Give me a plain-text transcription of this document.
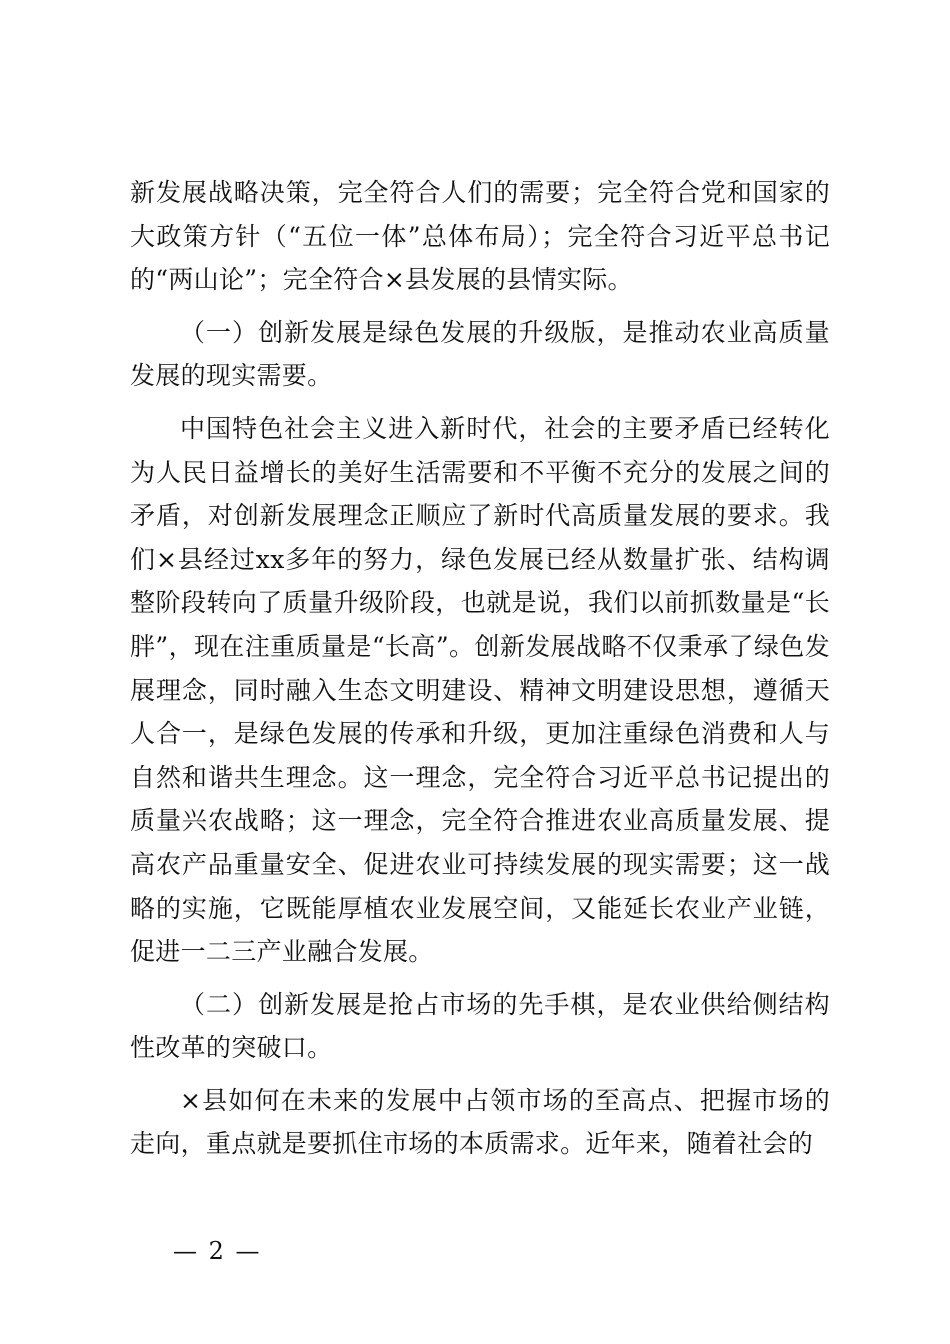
新发展战略决策，完全符合人们的需要；完全符合党和国家的大政策方针（“五位一体”总体布局）；完全符合习近平总书记的“两山论”；完全符合×县发展的县情实际。

（一）创新发展是绿色发展的升级版，是推动农业高质量发展的现实需要。

中国特色社会主义进入新时代，社会的主要矛盾已经转化为人民日益增长的美好生活需要和不平衡不充分的发展之间的矛盾，对创新发展理念正顺应了新时代高质量发展的要求。我们×县经过xx多年的努力，绿色发展已经从数量扩张、结构调整阶段转向了质量升级阶段，也就是说，我们以前抓数量是“长胖”，现在注重质量是“长高”。创新发展战略不仅秉承了绿色发展理念，同时融入生态文明建设、精神文明建设思想，遵循天人合一，是绿色发展的传承和升级，更加注重绿色消费和人与自然和谐共生理念。这一理念，完全符合习近平总书记提出的质量兴农战略；这一理念，完全符合推进农业高质量发展、提高农产品重量安全、促进农业可持续发展的现实需要；这一战略的实施，它既能厚植农业发展空间，又能延长农业产业链，促进一二三产业融合发展。

（二）创新发展是抢占市场的先手棋，是农业供给侧结构性改革的突破口。

×县如何在未来的发展中占领市场的至高点、把握市场的走向，重点就是要抓住市场的本质需求。近年来，随着社会的

— 2 —
